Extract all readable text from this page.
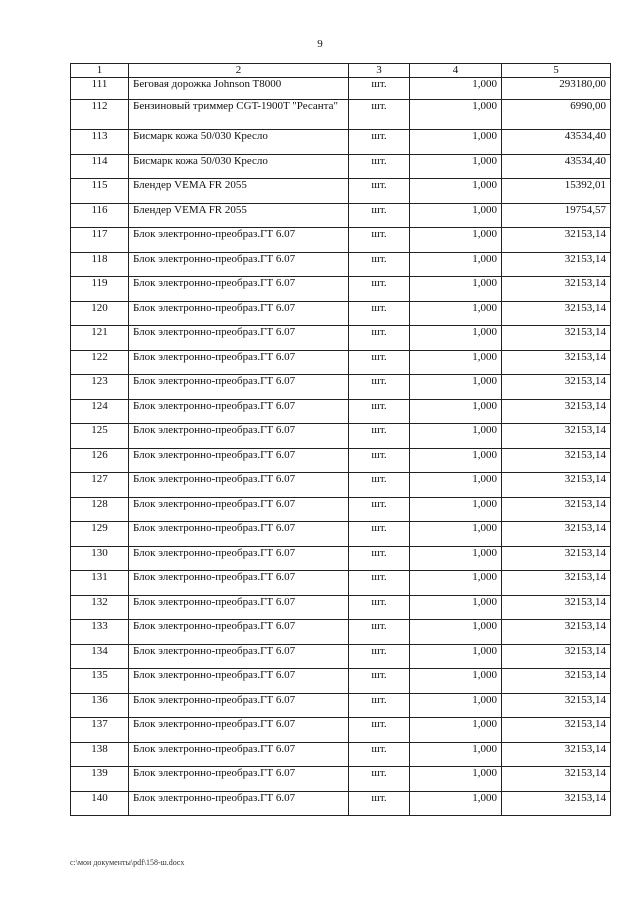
9
1	2	3	4	5
111	Беговая дорожка Johnson T8000	шт.	1,000	293180,00
112	Бензиновый триммер CGT-1900T "Ресанта"	шт.	1,000	6990,00
113	Бисмарк кожа 50/030 Кресло	шт.	1,000	43534,40
114	Бисмарк кожа 50/030 Кресло	шт.	1,000	43534,40
115	Блендер VEMA FR 2055	шт.	1,000	15392,01
116	Блендер VEMA FR 2055	шт.	1,000	19754,57
117	Блок электронно-преобраз.ГТ 6.07	шт.	1,000	32153,14
118	Блок электронно-преобраз.ГТ 6.07	шт.	1,000	32153,14
119	Блок электронно-преобраз.ГТ 6.07	шт.	1,000	32153,14
120	Блок электронно-преобраз.ГТ 6.07	шт.	1,000	32153,14
121	Блок электронно-преобраз.ГТ 6.07	шт.	1,000	32153,14
122	Блок электронно-преобраз.ГТ 6.07	шт.	1,000	32153,14
123	Блок электронно-преобраз.ГТ 6.07	шт.	1,000	32153,14
124	Блок электронно-преобраз.ГТ 6.07	шт.	1,000	32153,14
125	Блок электронно-преобраз.ГТ 6.07	шт.	1,000	32153,14
126	Блок электронно-преобраз.ГТ 6.07	шт.	1,000	32153,14
127	Блок электронно-преобраз.ГТ 6.07	шт.	1,000	32153,14
128	Блок электронно-преобраз.ГТ 6.07	шт.	1,000	32153,14
129	Блок электронно-преобраз.ГТ 6.07	шт.	1,000	32153,14
130	Блок электронно-преобраз.ГТ 6.07	шт.	1,000	32153,14
131	Блок электронно-преобраз.ГТ 6.07	шт.	1,000	32153,14
132	Блок электронно-преобраз.ГТ 6.07	шт.	1,000	32153,14
133	Блок электронно-преобраз.ГТ 6.07	шт.	1,000	32153,14
134	Блок электронно-преобраз.ГТ 6.07	шт.	1,000	32153,14
135	Блок электронно-преобраз.ГТ 6.07	шт.	1,000	32153,14
136	Блок электронно-преобраз.ГТ 6.07	шт.	1,000	32153,14
137	Блок электронно-преобраз.ГТ 6.07	шт.	1,000	32153,14
138	Блок электронно-преобраз.ГТ 6.07	шт.	1,000	32153,14
139	Блок электронно-преобраз.ГТ 6.07	шт.	1,000	32153,14
140	Блок электронно-преобраз.ГТ 6.07	шт.	1,000	32153,14
c:\мои документы\pdf\158-ш.docx
